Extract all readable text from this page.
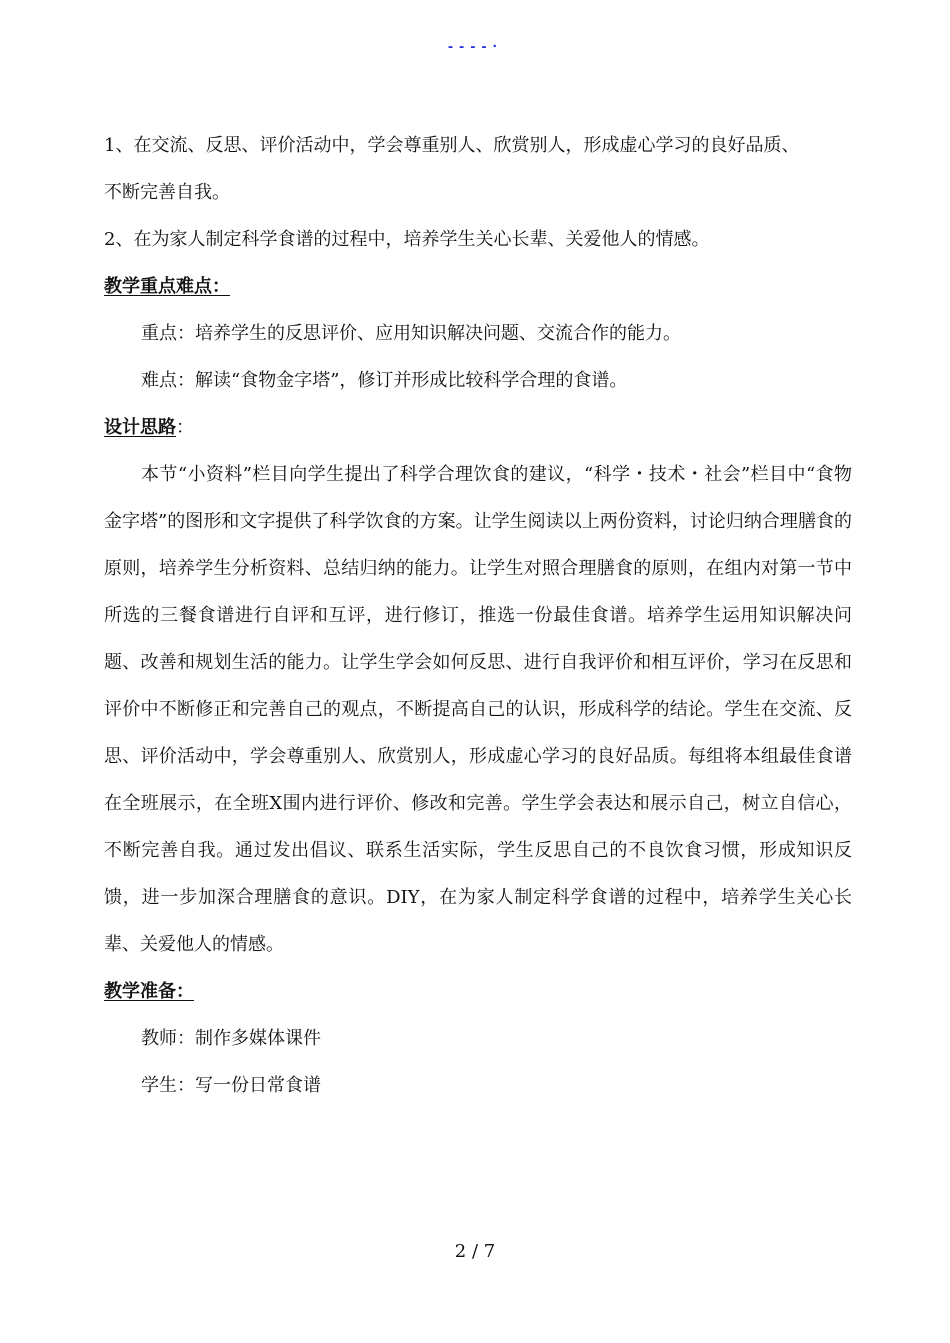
- - - - ·

1、在交流、反思、评价活动中，学会尊重别人、欣赏别人，形成虚心学习的良好品质、

不断完善自我。

2、在为家人制定科学食谱的过程中，培养学生关心长辈、关爱他人的情感。

教学重点难点：

重点：培养学生的反思评价、应用知识解决问题、交流合作的能力。

难点：解读“食物金字塔”，修订并形成比较科学合理的食谱。

设计思路：

本节“小资料”栏目向学生提出了科学合理饮食的建议，“科学・技术・社会”栏目中“食物金字塔”的图形和文字提供了科学饮食的方案。让学生阅读以上两份资料，讨论归纳合理膳食的原则，培养学生分析资料、总结归纳的能力。让学生对照合理膳食的原则，在组内对第一节中所选的三餐食谱进行自评和互评，进行修订，推选一份最佳食谱。培养学生运用知识解决问题、改善和规划生活的能力。让学生学会如何反思、进行自我评价和相互评价，学习在反思和评价中不断修正和完善自己的观点，不断提高自己的认识，形成科学的结论。学生在交流、反思、评价活动中，学会尊重别人、欣赏别人，形成虚心学习的良好品质。每组将本组最佳食谱在全班展示，在全班X围内进行评价、修改和完善。学生学会表达和展示自己，树立自信心，不断完善自我。通过发出倡议、联系生活实际，学生反思自己的不良饮食习惯，形成知识反馈，进一步加深合理膳食的意识。DIY，在为家人制定科学食谱的过程中，培养学生关心长辈、关爱他人的情感。

教学准备：

教师：制作多媒体课件

学生：写一份日常食谱

2 / 7
